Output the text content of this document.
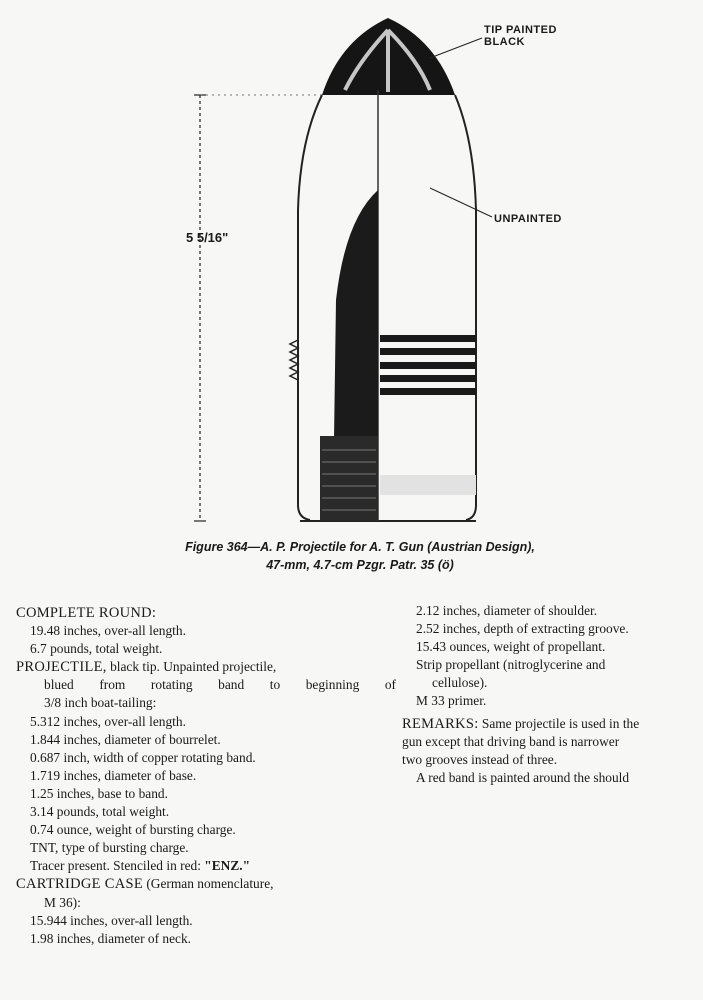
TIP PAINTED
BLACK
UNPAINTED
5 5/16"
Figure 364—A. P. Projectile for A. T. Gun (Austrian Design),
47-mm, 4.7-cm Pzgr. Patr. 35 (ö)
COMPLETE ROUND:
19.48 inches, over-all length.
6.7 pounds, total weight.
PROJECTILE, black tip. Unpainted projectile,
blued from rotating band to beginning of
3/8 inch boat-tailing:
5.312 inches, over-all length.
1.844 inches, diameter of bourrelet.
0.687 inch, width of copper rotating band.
1.719 inches, diameter of base.
1.25 inches, base to band.
3.14 pounds, total weight.
0.74 ounce, weight of bursting charge.
TNT, type of bursting charge.
Tracer present. Stenciled in red: "ENZ."
CARTRIDGE CASE (German nomenclature,
M 36):
15.944 inches, over-all length.
1.98 inches, diameter of neck.
2.12 inches, diameter of shoulder.
2.52 inches, depth of extracting groove.
15.43 ounces, weight of propellant.
Strip propellant (nitroglycerine and
cellulose).
M 33 primer.
REMARKS: Same projectile is used in the
gun except that driving band is narrower
two grooves instead of three.
A red band is painted around the should
